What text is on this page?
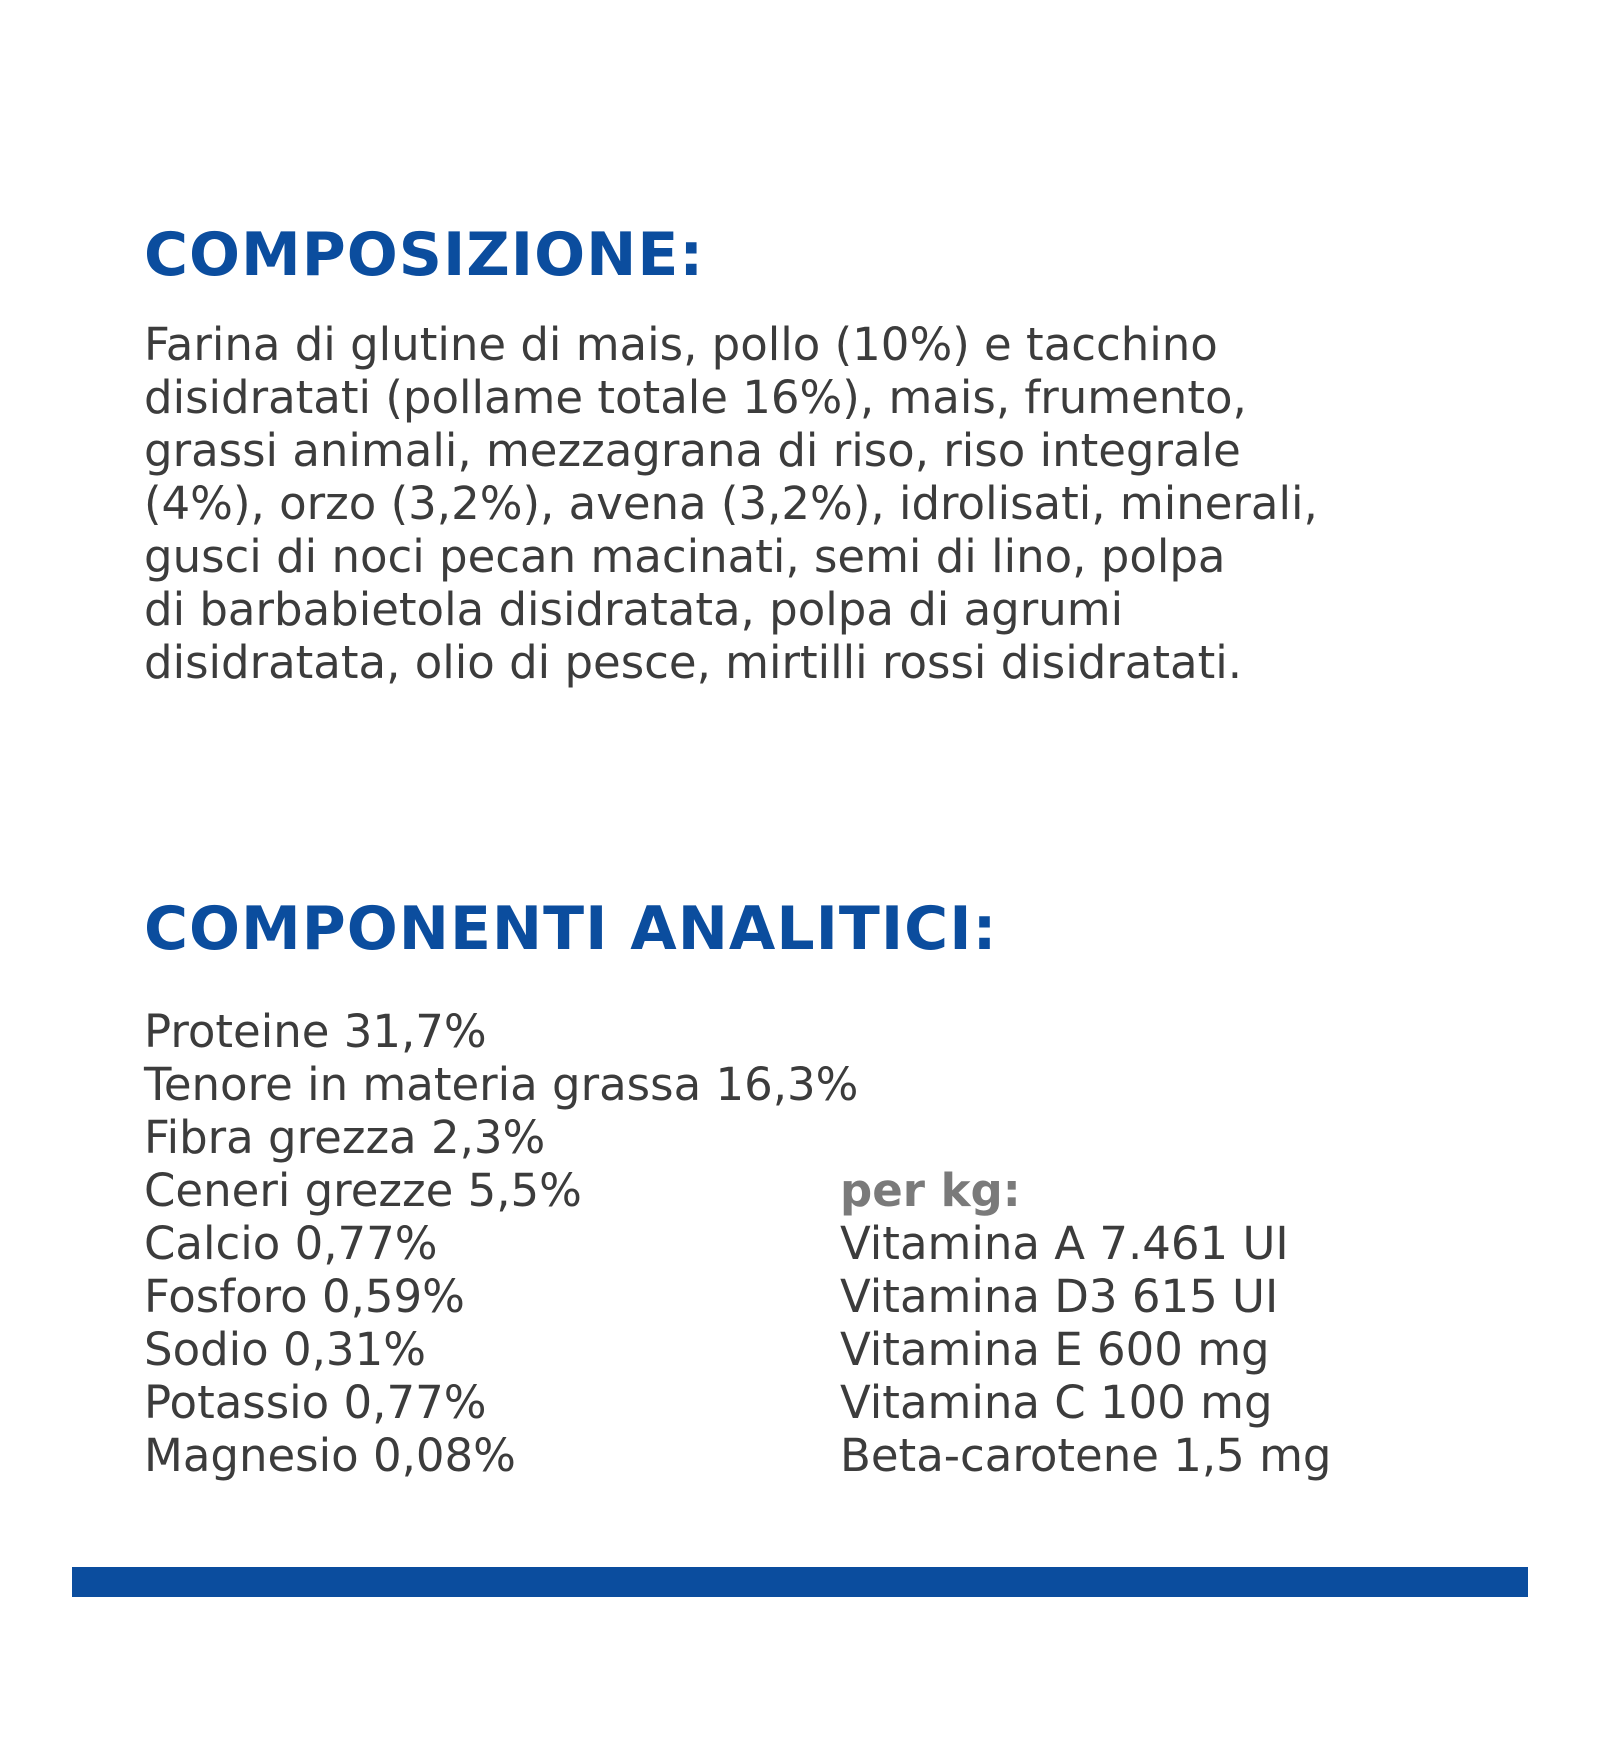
COMPOSIZIONE:

Farina di glutine di mais, pollo (10%) e tacchino
disidratati (pollame totale 16%), mais, frumento,
grassi animali, mezzagrana di riso, riso integrale
(4%), orzo (3,2%), avena (3,2%), idrolisati, minerali,
gusci di noci pecan macinati, semi di lino, polpa
di barbabietola disidratata, polpa di agrumi
disidratata, olio di pesce, mirtilli rossi disidratati.

COMPONENTI ANALITICI:
Proteine 31,7%
Tenore in materia grassa 16,3%
Fibra grezza 2,3%
Ceneri grezze 5,5%
Calcio 0,77%
Fosforo 0,59%
Sodio 0,31%
Potassio 0,77%
Magnesio 0,08%
per kg:
Vitamina A 7.461 UI
Vitamina D3 615 UI
Vitamina E 600 mg
Vitamina C 100 mg
Beta-carotene 1,5 mg
